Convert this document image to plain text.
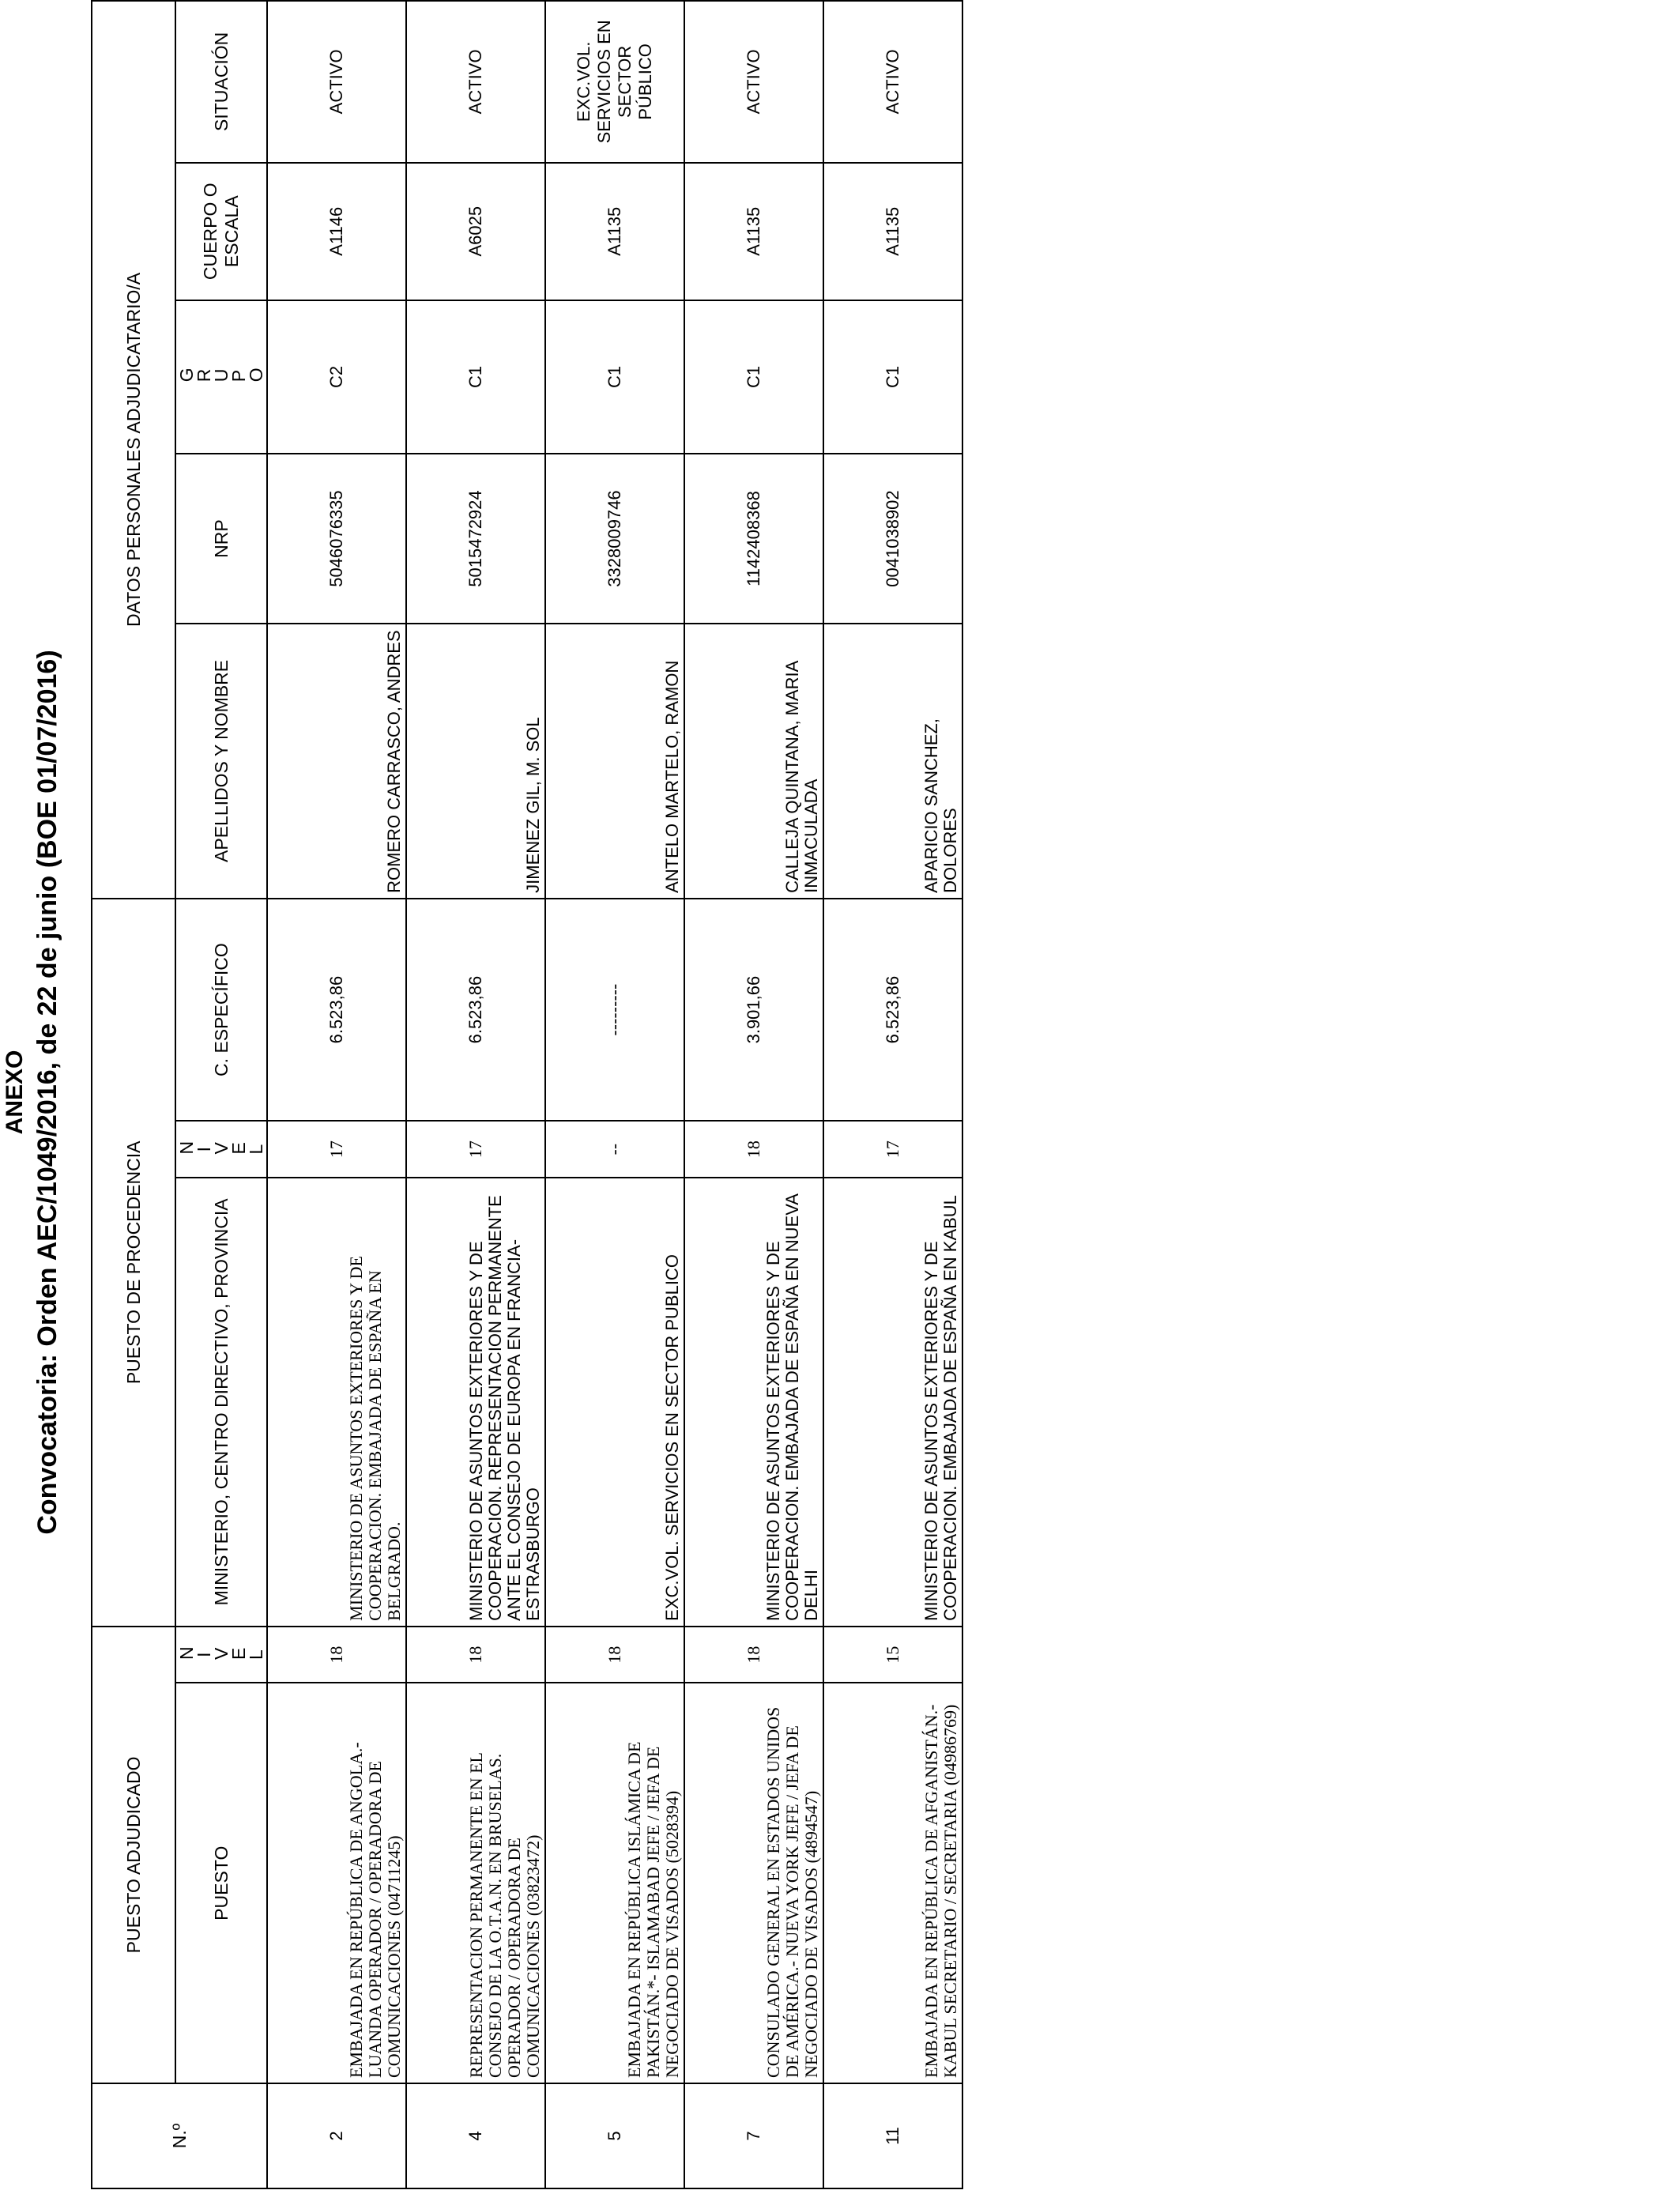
ANEXO Convocatoria: Orden AEC/1049/2016, de 22 de junio (BOE 01/07/2016)
N.º	PUESTO ADJUDICADO		PUESTO DE PROCEDENCIA			DATOS PERSONALES ADJUDICATARIO/A				
	PUESTO	NIVEL	MINISTERIO, CENTRO DIRECTIVO, PROVINCIA	NIVEL	C. ESPECÍFICO	APELLIDOS Y NOMBRE	NRP	GRUPO	CUERPO O ESCALA	SITUACIÓN
2	EMBAJADA EN REPÚBLICA DE ANGOLA.- LUANDA OPERADOR / OPERADORA DE COMUNICACIONES (04711245)	18	MINISTERIO DE ASUNTOS EXTERIORES Y DE COOPERACION. EMBAJADA DE ESPAÑA EN BELGRADO.	17	6.523,86	ROMERO CARRASCO, ANDRES	5046076335	C2	A1146	ACTIVO
4	REPRESENTACION PERMANENTE EN EL CONSEJO DE LA O.T.A.N. EN BRUSELAS. OPERADOR / OPERADORA DE COMUNICACIONES (03823472)	18	MINISTERIO DE ASUNTOS EXTERIORES Y DE COOPERACION. REPRESENTACION PERMANENTE ANTE EL CONSEJO DE EUROPA EN FRANCIA- ESTRASBURGO	17	6.523,86	JIMENEZ GIL, M. SOL	5015472924	C1	A6025	ACTIVO
5	EMBAJADA EN REPÚBLICA ISLÁMICA DE PAKISTÁN.*- ISLAMABAD JEFE / JEFA DE NEGOCIADO DE VISADOS (5028394)	18	EXC.VOL. SERVICIOS EN SECTOR PUBLICO	--	---------	ANTELO MARTELO, RAMON	3328009746	C1	A1135	EXC.VOL. SERVICIOS EN SECTOR PÚBLICO
7	CONSULADO GENERAL EN ESTADOS UNIDOS DE AMÉRICA.- NUEVA YORK JEFE / JEFA DE NEGOCIADO DE VISADOS (4894547)	18	MINISTERIO DE ASUNTOS EXTERIORES Y DE COOPERACION. EMBAJADA DE ESPAÑA EN NUEVA DELHI	18	3.901,66	CALLEJA QUINTANA, MARIA INMACULADA	1142408368	C1	A1135	ACTIVO
11	EMBAJADA EN REPÚBLICA DE AFGANISTÁN.- KABUL SECRETARIO / SECRETARIA (04986769)	15	MINISTERIO DE ASUNTOS EXTERIORES Y DE COOPERACION. EMBAJADA DE ESPAÑA EN KABUL	17	6.523,86	APARICIO SANCHEZ, DOLORES	0041038902	C1	A1135	ACTIVO
